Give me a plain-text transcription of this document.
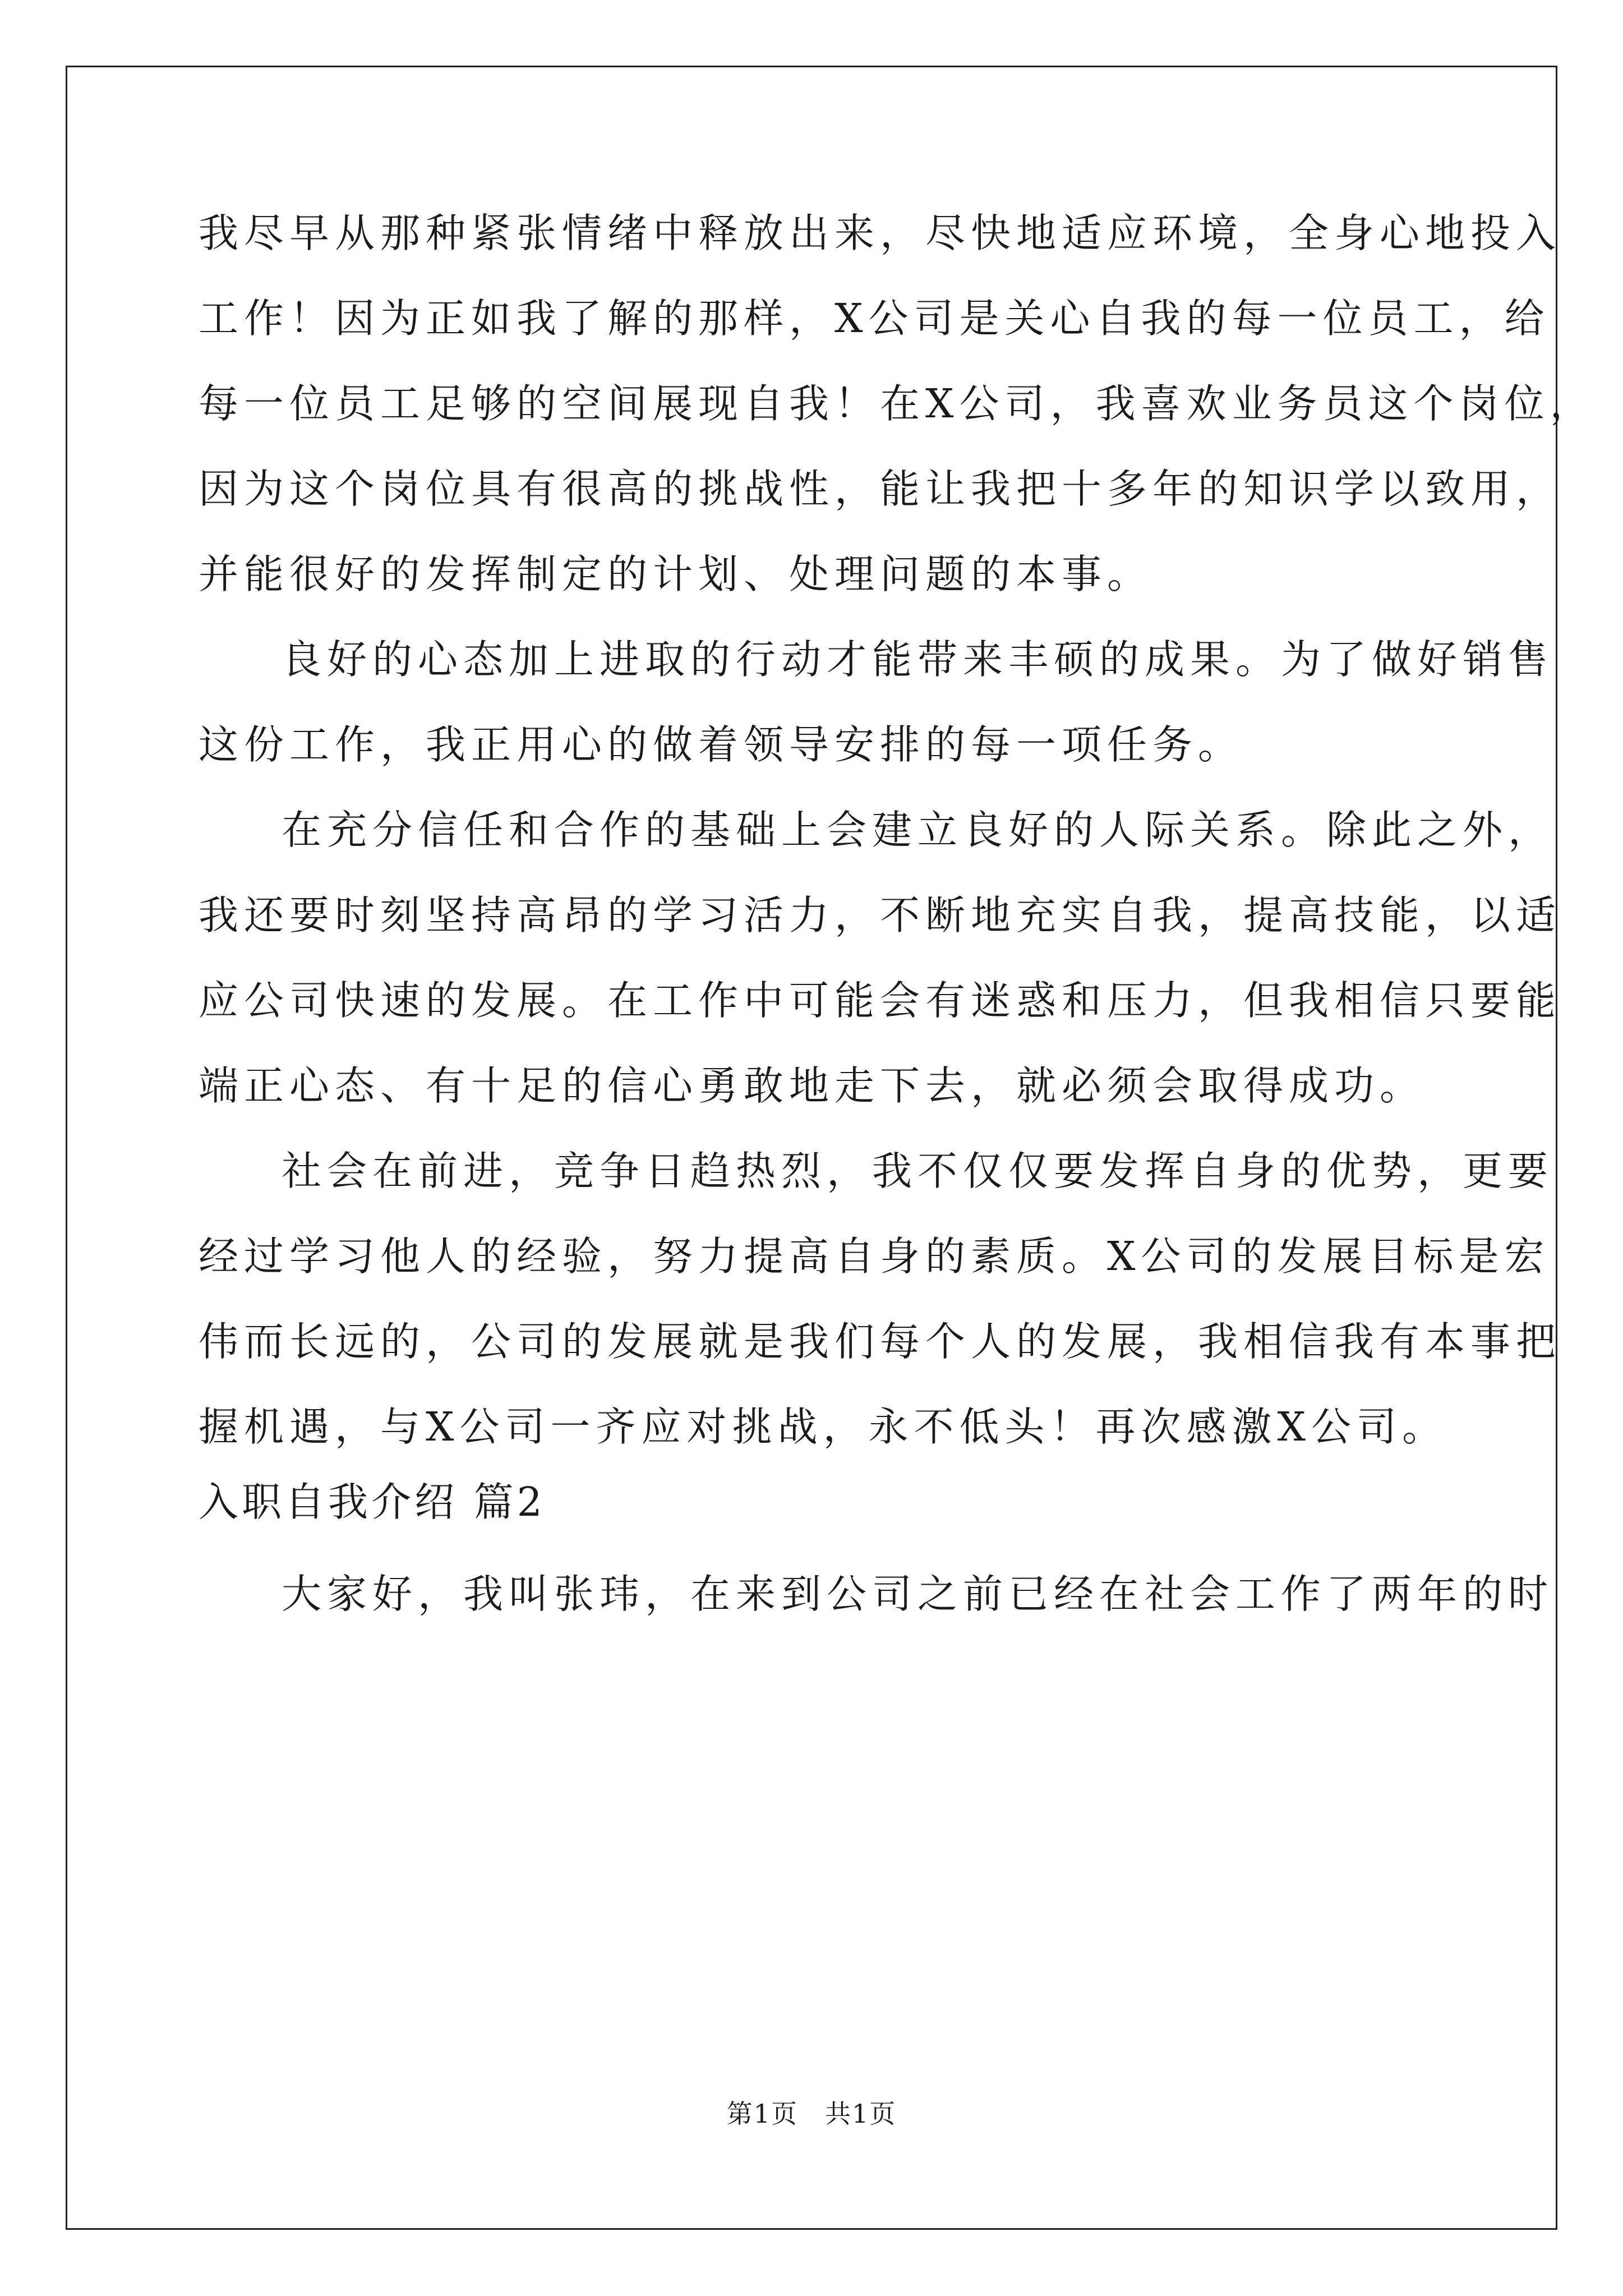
我尽早从那种紧张情绪中释放出来，尽快地适应环境，全身心地投入
工作！因为正如我了解的那样，X公司是关心自我的每一位员工，给
每一位员工足够的空间展现自我！在X公司，我喜欢业务员这个岗位，
因为这个岗位具有很高的挑战性，能让我把十多年的知识学以致用，
并能很好的发挥制定的计划、处理问题的本事。
良好的心态加上进取的行动才能带来丰硕的成果。为了做好销售
这份工作，我正用心的做着领导安排的每一项任务。
在充分信任和合作的基础上会建立良好的人际关系。除此之外，
我还要时刻坚持高昂的学习活力，不断地充实自我，提高技能，以适
应公司快速的发展。在工作中可能会有迷惑和压力，但我相信只要能
端正心态、有十足的信心勇敢地走下去，就必须会取得成功。
社会在前进，竞争日趋热烈，我不仅仅要发挥自身的优势，更要
经过学习他人的经验，努力提高自身的素质。X公司的发展目标是宏
伟而长远的，公司的发展就是我们每个人的发展，我相信我有本事把
握机遇，与X公司一齐应对挑战，永不低头！再次感激X公司。
入职自我介绍 篇2
大家好，我叫张玮，在来到公司之前已经在社会工作了两年的时
第1页　共1页
